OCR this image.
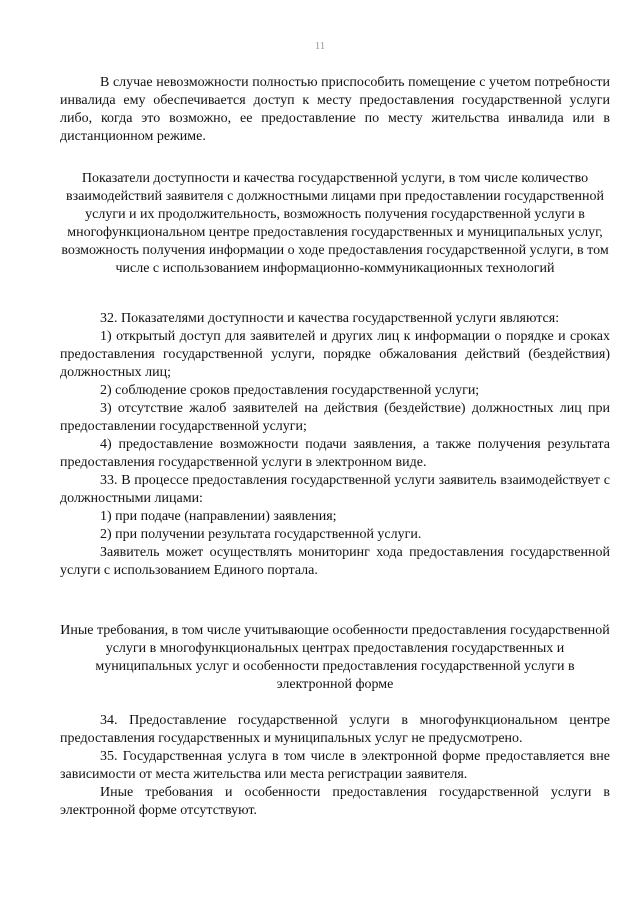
11

В случае невозможности полностью приспособить помещение с учетом потребности инвалида ему обеспечивается доступ к месту предоставления государственной услуги либо, когда это возможно, ее предоставление по месту жительства инвалида или в дистанционном режиме.

Показатели доступности и качества государственной услуги, в том числе количество взаимодействий заявителя с должностными лицами при предоставлении государственной услуги и их продолжительность, возможность получения государственной услуги в многофункциональном центре предоставления государственных и муниципальных услуг, возможность получения информации о ходе предоставления государственной услуги, в том числе с использованием информационно-коммуникационных технологий

32. Показателями доступности и качества государственной услуги являются:

1) открытый доступ для заявителей и других лиц к информации о порядке и сроках предоставления государственной услуги, порядке обжалования действий (бездействия) должностных лиц;

2) соблюдение сроков предоставления государственной услуги;

3) отсутствие жалоб заявителей на действия (бездействие) должностных лиц при предоставлении государственной услуги;

4) предоставление возможности подачи заявления, а также получения результата предоставления государственной услуги в электронном виде.

33. В процессе предоставления государственной услуги заявитель взаимодействует с должностными лицами:

1) при подаче (направлении) заявления;

2) при получении результата государственной услуги.

Заявитель может осуществлять мониторинг хода предоставления государственной услуги с использованием Единого портала.

Иные требования, в том числе учитывающие особенности предоставления государственной услуги в многофункциональных центрах предоставления государственных и муниципальных услуг и особенности предоставления государственной услуги в электронной форме

34. Предоставление государственной услуги в многофункциональном центре предоставления государственных и муниципальных услуг не предусмотрено.

35. Государственная услуга в том числе в электронной форме предоставляется вне зависимости от места жительства или места регистрации заявителя.

Иные требования и особенности предоставления государственной услуги в электронной форме отсутствуют.
